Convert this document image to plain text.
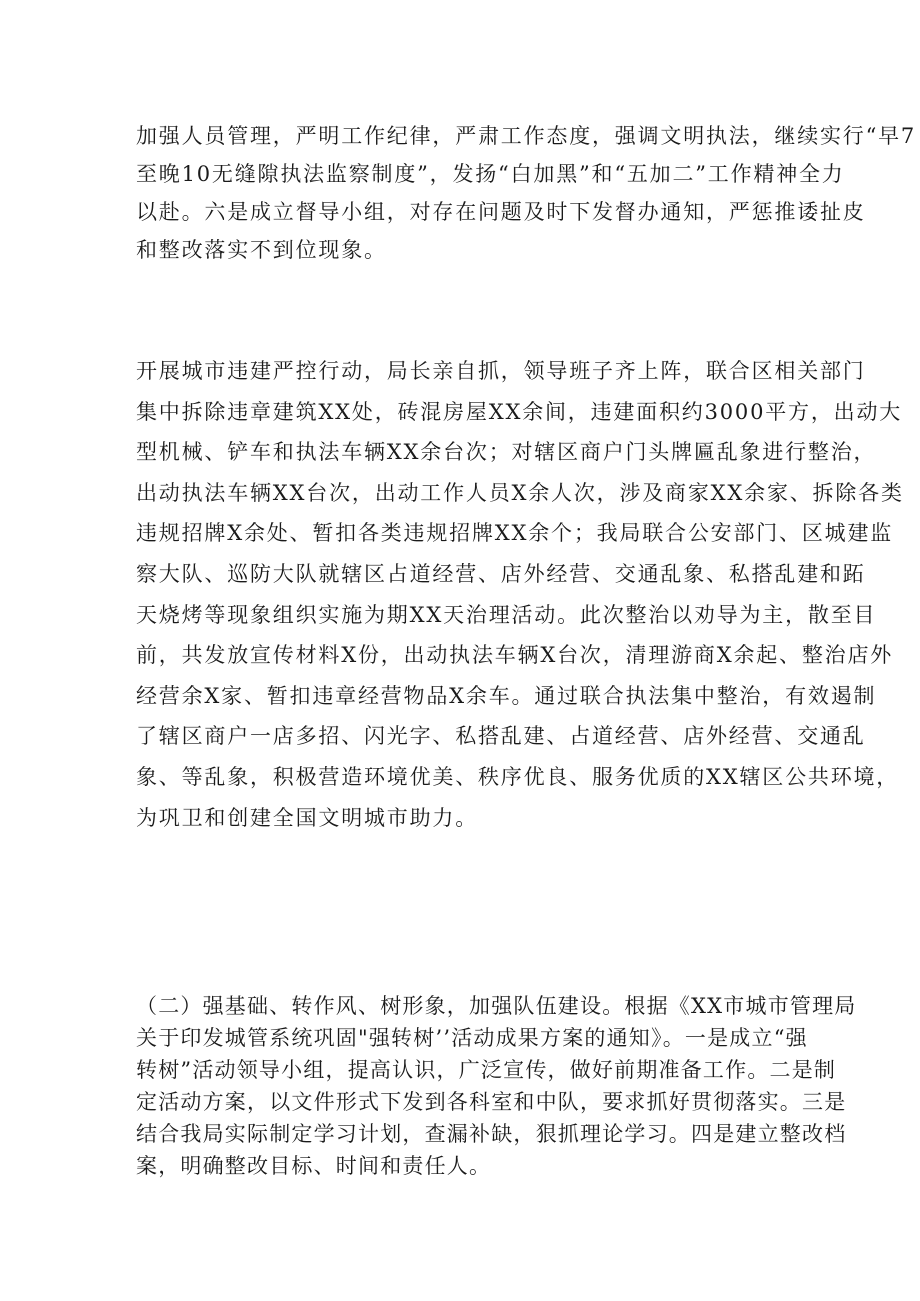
加强人员管理，严明工作纪律，严肃工作态度，强调文明执法，继续实行“早7
至晚10无缝隙执法监察制度”，发扬“白加黑”和“五加二”工作精神全力
以赴。六是成立督导小组，对存在问题及时下发督办通知，严惩推诿扯皮
和整改落实不到位现象。
开展城市违建严控行动，局长亲自抓，领导班子齐上阵，联合区相关部门
集中拆除违章建筑XX处，砖混房屋XX余间，违建面积约3000平方，出动大
型机械、铲车和执法车辆XX余台次；对辖区商户门头牌匾乱象进行整治，
出动执法车辆XX台次，出动工作人员X余人次，涉及商家XX余家、拆除各类
违规招牌X余处、暂扣各类违规招牌XX余个；我局联合公安部门、区城建监
察大队、巡防大队就辖区占道经营、店外经营、交通乱象、私搭乱建和跖
天烧烤等现象组织实施为期XX天治理活动。此次整治以劝导为主，散至目
前，共发放宣传材料X份，出动执法车辆X台次，清理游商X余起、整治店外
经营余X家、暂扣违章经营物品X余车。通过联合执法集中整治，有效遏制
了辖区商户一店多招、闪光字、私搭乱建、占道经营、店外经营、交通乱
象、等乱象，积极营造环境优美、秩序优良、服务优质的XX辖区公共环境，
为巩卫和创建全国文明城市助力。
（二）强基础、转作风、树形象，加强队伍建设。根据《XX市城市管理局
关于印发城管系统巩固"强转树’’活动成果方案的通知》。一是成立“强
转树”活动领导小组，提高认识，广泛宣传，做好前期准备工作。二是制
定活动方案，以文件形式下发到各科室和中队，要求抓好贯彻落实。三是
结合我局实际制定学习计划，查漏补缺，狠抓理论学习。四是建立整改档
案，明确整改目标、时间和责任人。
